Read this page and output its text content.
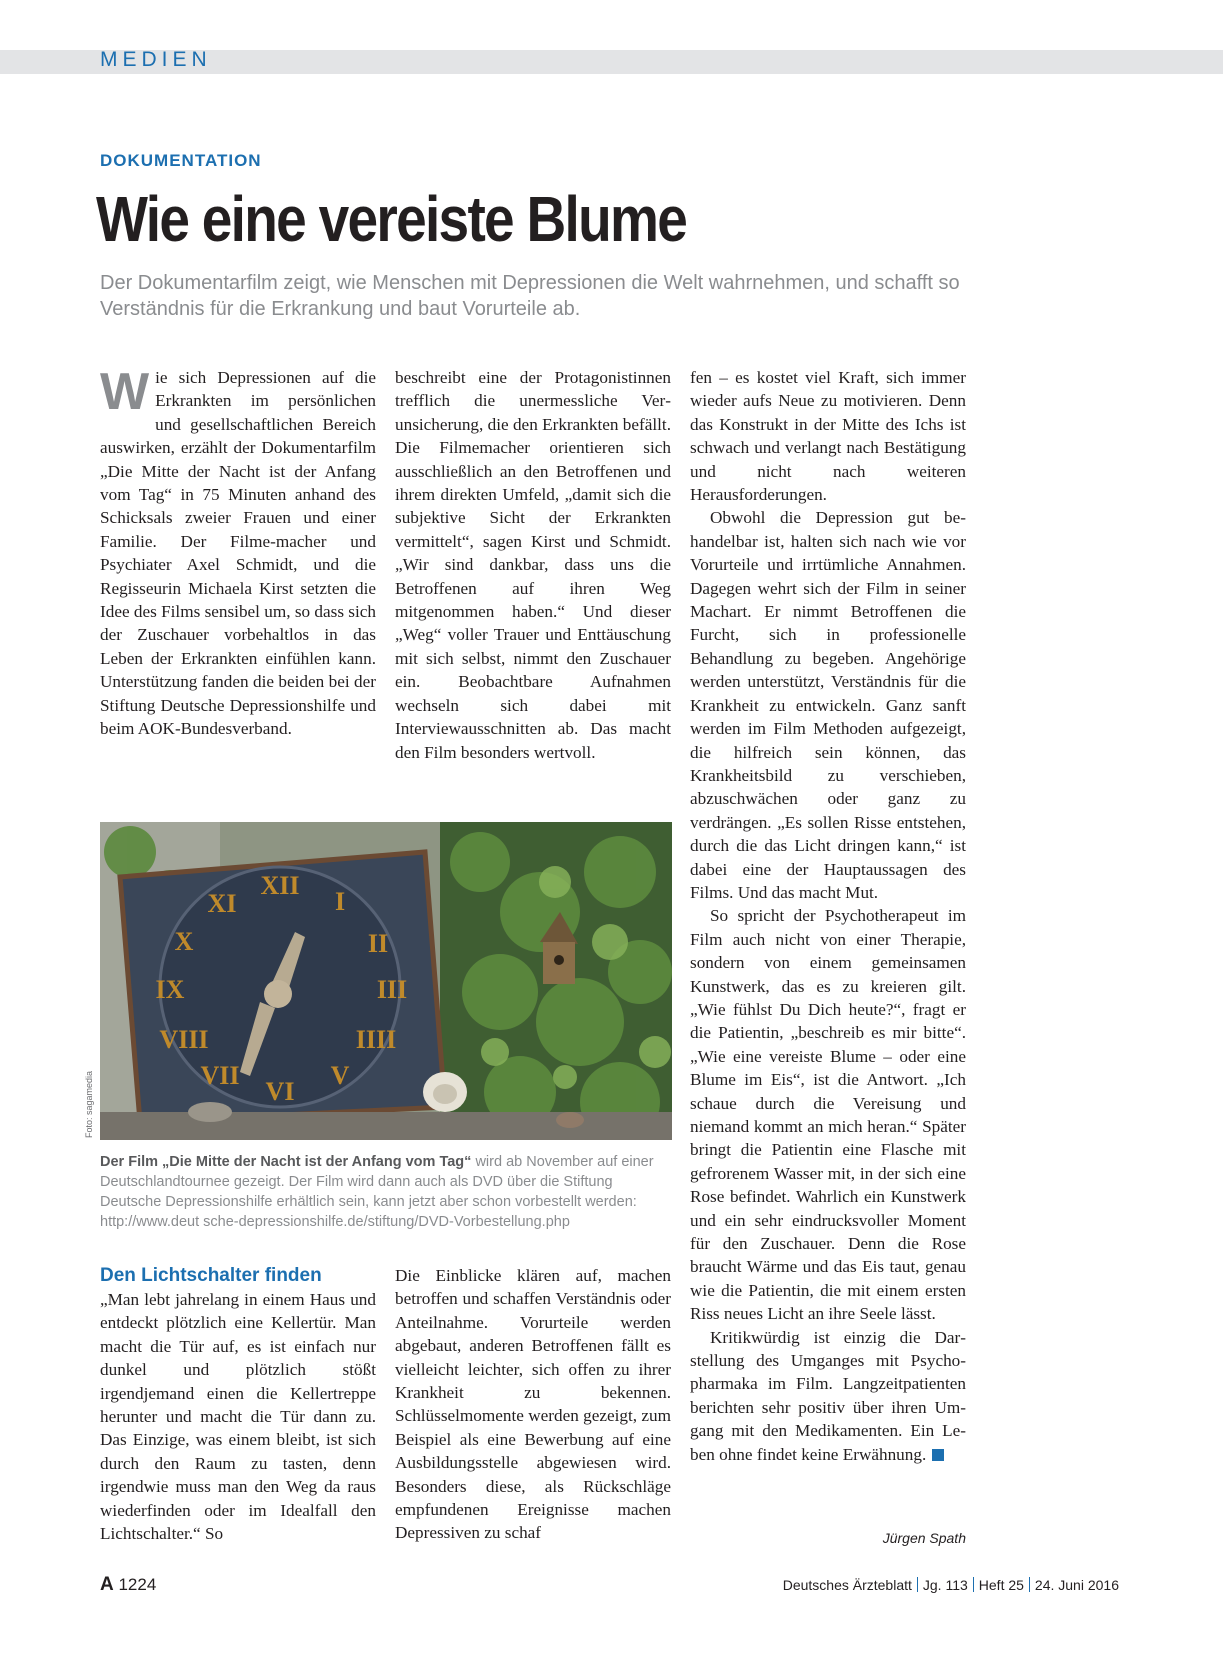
MEDIEN
DOKUMENTATION
Wie eine vereiste Blume

Der Dokumentarfilm zeigt, wie Menschen mit Depressionen die Welt wahrnehmen, und schafft so Verständnis für die Erkrankung und baut Vorurteile ab.

Wie sich Depressionen auf die Erkrankten im persönlichen und gesellschaftlichen Bereich auswirken, erzählt der Dokumentarfilm „Die Mitte der Nacht ist der Anfang vom Tag“ in 75 Minuten anhand des Schicksals zweier Frauen und einer Familie. Der Filme-macher und Psychiater Axel Schmidt, und die Regisseurin Michaela Kirst setzten die Idee des Films sensibel um, so dass sich der Zuschauer vorbehaltlos in das Leben der Erkrankten einfühlen kann. Unterstützung fanden die beiden bei der Stiftung Deutsche Depressionshilfe und beim AOK-Bundesverband.

beschreibt eine der Protagonistinnen trefflich die unermessliche Verunsicherung, die den Erkrankten befällt. Die Filmemacher orientieren sich ausschließlich an den Betroffenen und ihrem direkten Umfeld, „damit sich die subjektive Sicht der Erkrankten vermittelt“, sagen Kirst und Schmidt. „Wir sind dankbar, dass uns die Betroffenen auf ihren Weg mitgenommen haben.“ Und dieser „Weg“ voller Trauer und Enttäuschung mit sich selbst, nimmt den Zuschauer ein. Beobachtbare Aufnahmen wechseln sich dabei mit Interviewausschnitten ab. Das macht den Film besonders wertvoll.

fen – es kostet viel Kraft, sich immer wieder aufs Neue zu motivieren. Denn das Konstrukt in der Mitte des Ichs ist schwach und verlangt nach Bestätigung und nicht nach weiteren Herausforderungen.

Obwohl die Depression gut behandelbar ist, halten sich nach wie vor Vorurteile und irrtümliche Annahmen. Dagegen wehrt sich der Film in seiner Machart. Er nimmt Betroffenen die Furcht, sich in professionelle Behandlung zu begeben. Angehörige werden unterstützt, Verständnis für die Krankheit zu entwickeln. Ganz sanft werden im Film Methoden aufgezeigt, die hilfreich sein können, das Krankheitsbild zu verschieben, abzuschwächen oder ganz zu verdrängen. „Es sollen Risse entstehen, durch die das Licht dringen kann,“ ist dabei eine der Hauptaussagen des Films. Und das macht Mut.

So spricht der Psychotherapeut im Film auch nicht von einer Therapie, sondern von einem gemeinsamen Kunstwerk, das es zu kreieren gilt. „Wie fühlst Du Dich heute?“, fragt er die Patientin, „beschreib es mir bitte“. „Wie eine vereiste Blume – oder eine Blume im Eis“, ist die Antwort. „Ich schaue durch die Vereisung und niemand kommt an mich heran.“ Später bringt die Patientin eine Flasche mit gefrorenem Wasser mit, in der sich eine Rose befindet. Wahrlich ein Kunstwerk und ein sehr eindrucksvoller Moment für den Zuschauer. Denn die Rose braucht Wärme und das Eis taut, genau wie die Patientin, die mit einem ersten Riss neues Licht an ihre Seele lässt.

Kritikwürdig ist einzig die Darstellung des Umganges mit Psychopharmaka im Film. Langzeitpatienten berichten sehr positiv über ihren Umgang mit den Medikamenten. Ein Leben ohne findet keine Erwähnung.

Jürgen Spath
XII
I
II
III
IIII
V
VI
VII
VIII
IX
X
XI
Foto: sagamedia

Der Film „Die Mitte der Nacht ist der Anfang vom Tag“ wird ab November auf einer Deutschlandtournee gezeigt. Der Film wird dann auch als DVD über die Stiftung Deutsche Depressionshilfe erhältlich sein, kann jetzt aber schon vorbestellt werden: http://www.deut sche-depressionshilfe.de/stiftung/DVD-Vorbestellung.php

Den Lichtschalter finden

„Man lebt jahrelang in einem Haus und entdeckt plötzlich eine Kellertür. Man macht die Tür auf, es ist einfach nur dunkel und plötzlich stößt irgendjemand einen die Kellertreppe herunter und macht die Tür dann zu. Das Einzige, was einem bleibt, ist sich durch den Raum zu tasten, denn irgendwie muss man den Weg da raus wiederfinden oder im Idealfall den Lichtschalter.“ So

Die Einblicke klären auf, machen betroffen und schaffen Verständnis oder Anteilnahme. Vorurteile werden abgebaut, anderen Betroffenen fällt es vielleicht leichter, sich offen zu ihrer Krankheit zu bekennen. Schlüsselmomente werden gezeigt, zum Beispiel als eine Bewerbung auf eine Ausbildungsstelle abgewiesen wird. Besonders diese, als Rückschläge empfundenen Ereignisse machen Depressiven zu schaf

A 1224	Deutsches Ärzteblatt Jg. 113 Heft 25 24. Juni 2016
